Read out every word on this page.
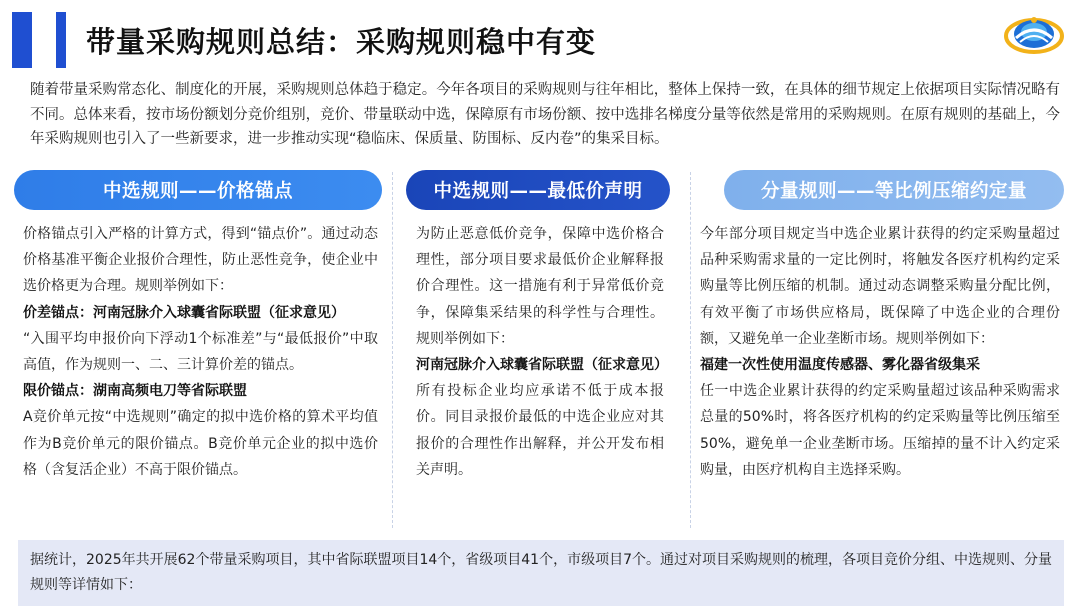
带量采购规则总结：采购规则稳中有变
随着带量采购常态化、制度化的开展，采购规则总体趋于稳定。今年各项目的采购规则与往年相比，整体上保持一致，在具体的细节规定上依据项目实际情况略有不同。总体来看，按市场份额划分竞价组别，竞价、带量联动中选，保障原有市场份额、按中选排名梯度分量等依然是常用的采购规则。在原有规则的基础上，今年采购规则也引入了一些新要求，进一步推动实现“稳临床、保质量、防围标、反内卷”的集采目标。
中选规则——价格锚点
价格锚点引入严格的计算方式，得到“锚点价”。通过动态价格基准平衡企业报价合理性，防止恶性竞争，使企业中选价格更为合理。规则举例如下：
价差锚点：河南冠脉介入球囊省际联盟（征求意见）
“入围平均申报价向下浮动1个标准差”与“最低报价”中取高值，作为规则一、二、三计算价差的锚点。
限价锚点：湖南高频电刀等省际联盟
A竞价单元按“中选规则”确定的拟中选价格的算术平均值作为B竞价单元的限价锚点。B竞价单元企业的拟中选价格（含复活企业）不高于限价锚点。
中选规则——最低价声明
为防止恶意低价竞争，保障中选价格合理性，部分项目要求最低价企业解释报价合理性。这一措施有利于异常低价竞争，保障集采结果的科学性与合理性。规则举例如下：
河南冠脉介入球囊省际联盟（征求意见）
所有投标企业均应承诺不低于成本报价。同目录报价最低的中选企业应对其报价的合理性作出解释，并公开发布相关声明。
分量规则——等比例压缩约定量
今年部分项目规定当中选企业累计获得的约定采购量超过品种采购需求量的一定比例时，将触发各医疗机构约定采购量等比例压缩的机制。通过动态调整采购量分配比例，有效平衡了市场供应格局，既保障了中选企业的合理份额，又避免单一企业垄断市场。规则举例如下：
福建一次性使用温度传感器、雾化器省级集采
任一中选企业累计获得的约定采购量超过该品种采购需求总量的50%时，将各医疗机构的约定采购量等比例压缩至50%，避免单一企业垄断市场。压缩掉的量不计入约定采购量，由医疗机构自主选择采购。
据统计，2025年共开展62个带量采购项目，其中省际联盟项目14个，省级项目41个，市级项目7个。通过对项目采购规则的梳理，各项目竞价分组、中选规则、分量规则等详情如下：
